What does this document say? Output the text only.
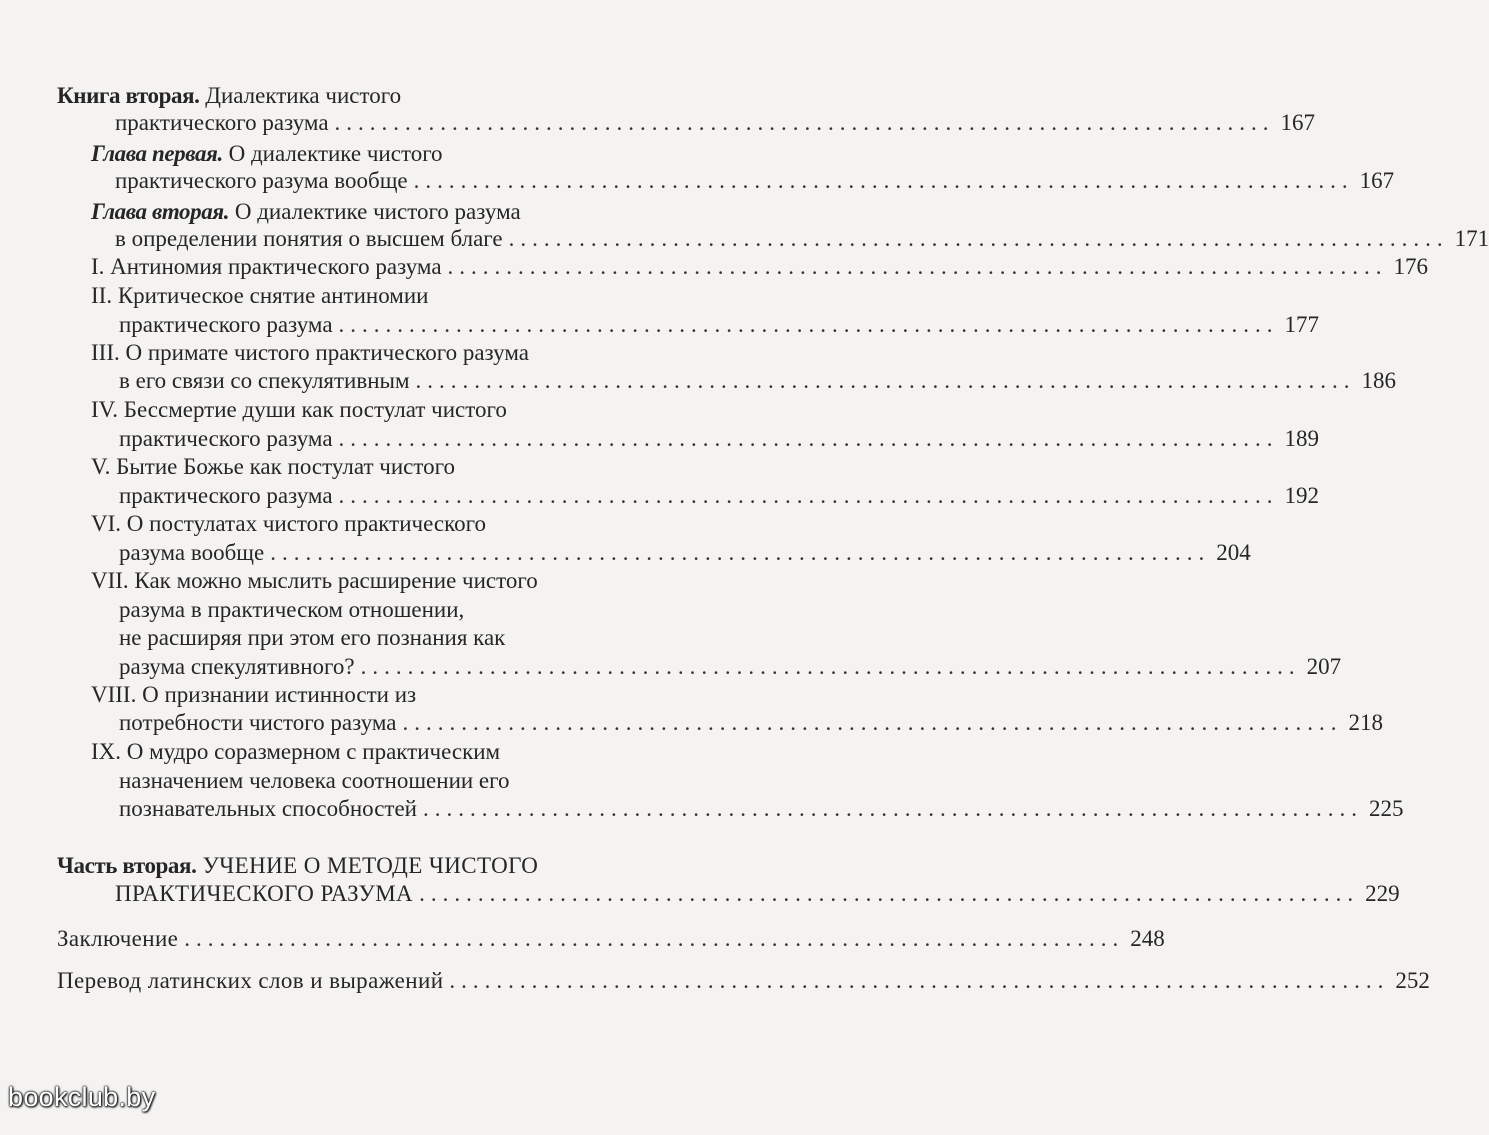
Книга вторая. Диалектика чистого
практического разума ................................................................................ 167
Глава первая. О диалектике чистого
практического разума вообще ................................................................................ 167
Глава вторая. О диалектике чистого разума
в определении понятия о высшем благе ................................................................................ 171
I. Антиномия практического разума ................................................................................ 176
II. Критическое снятие антиномии
практического разума ................................................................................ 177
III. О примате чистого практического разума
в его связи со спекулятивным ................................................................................ 186
IV. Бессмертие души как постулат чистого
практического разума ................................................................................ 189
V. Бытие Божье как постулат чистого
практического разума ................................................................................ 192
VI. О постулатах чистого практического
разума вообще ................................................................................ 204
VII. Как можно мыслить расширение чистого
разума в практическом отношении,
не расширяя при этом его познания как
разума спекулятивного? ................................................................................ 207
VIII. О признании истинности из
потребности чистого разума ................................................................................ 218
IX. О мудро соразмерном с практическим
назначением человека соотношении его
познавательных способностей ................................................................................ 225
Часть вторая. УЧЕНИЕ О МЕТОДЕ ЧИСТОГО
ПРАКТИЧЕСКОГО РАЗУМА ................................................................................ 229
Заключение ................................................................................ 248
Перевод латинских слов и выражений ................................................................................ 252
bookclub.by
